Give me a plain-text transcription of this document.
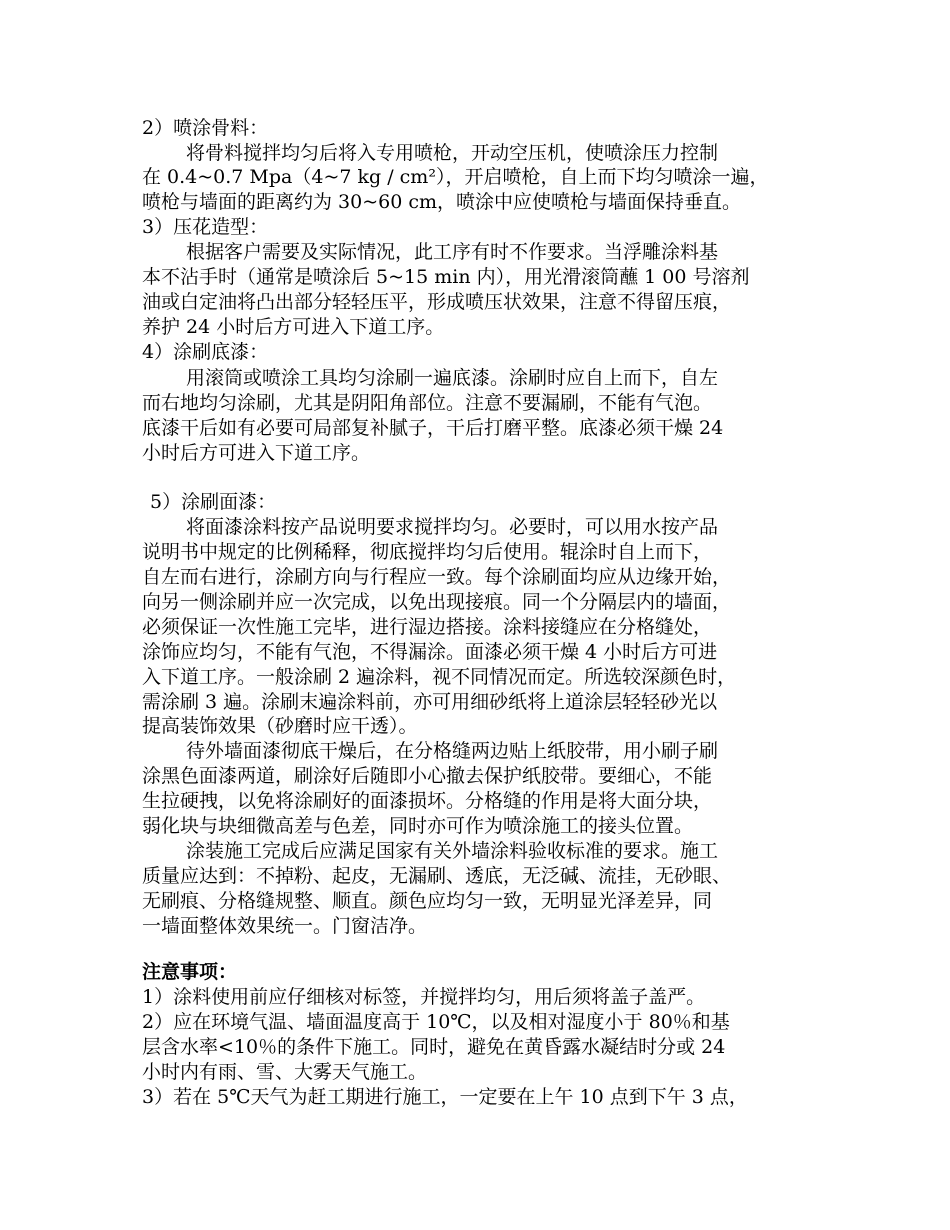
2）喷涂骨料：
将骨料搅拌均匀后将入专用喷枪，开动空压机，使喷涂压力控制
在 0.4~0.7 Mpa（4~7 kg / cm²），开启喷枪，自上而下均匀喷涂一遍，
喷枪与墙面的距离约为 30~60 cm，喷涂中应使喷枪与墙面保持垂直。
3）压花造型：
根据客户需要及实际情况，此工序有时不作要求。当浮雕涂料基
本不沾手时（通常是喷涂后 5~15 min 内），用光滑滚筒蘸 1 00 号溶剂
油或白定油将凸出部分轻轻压平，形成喷压状效果，注意不得留压痕，
养护 24 小时后方可进入下道工序。
4）涂刷底漆：
用滚筒或喷涂工具均匀涂刷一遍底漆。涂刷时应自上而下，自左
而右地均匀涂刷，尤其是阴阳角部位。注意不要漏刷，不能有气泡。
底漆干后如有必要可局部复补腻子，干后打磨平整。底漆必须干燥 24
小时后方可进入下道工序。
5）涂刷面漆：
将面漆涂料按产品说明要求搅拌均匀。必要时，可以用水按产品
说明书中规定的比例稀释，彻底搅拌均匀后使用。辊涂时自上而下，
自左而右进行，涂刷方向与行程应一致。每个涂刷面均应从边缘开始，
向另一侧涂刷并应一次完成，以免出现接痕。同一个分隔层内的墙面，
必须保证一次性施工完毕，进行湿边搭接。涂料接缝应在分格缝处，
涂饰应均匀，不能有气泡，不得漏涂。面漆必须干燥 4 小时后方可进
入下道工序。一般涂刷 2 遍涂料，视不同情况而定。所选较深颜色时，
需涂刷 3 遍。涂刷末遍涂料前，亦可用细砂纸将上道涂层轻轻砂光以
提高装饰效果（砂磨时应干透）。
待外墙面漆彻底干燥后，在分格缝两边贴上纸胶带，用小刷子刷
涂黑色面漆两道，刷涂好后随即小心撤去保护纸胶带。要细心，不能
生拉硬拽，以免将涂刷好的面漆损坏。分格缝的作用是将大面分块，
弱化块与块细微高差与色差，同时亦可作为喷涂施工的接头位置。
涂装施工完成后应满足国家有关外墙涂料验收标准的要求。施工
质量应达到：不掉粉、起皮，无漏刷、透底，无泛碱、流挂，无砂眼、
无刷痕、分格缝规整、顺直。颜色应均匀一致，无明显光泽差异，同
一墙面整体效果统一。门窗洁净。
注意事项：
1）涂料使用前应仔细核对标签，并搅拌均匀，用后须将盖子盖严。
2）应在环境气温、墙面温度高于 10℃，以及相对湿度小于 80％和基
层含水率<10％的条件下施工。同时，避免在黄昏露水凝结时分或 24
小时内有雨、雪、大雾天气施工。
3）若在 5℃天气为赶工期进行施工，一定要在上午 10 点到下午 3 点，
